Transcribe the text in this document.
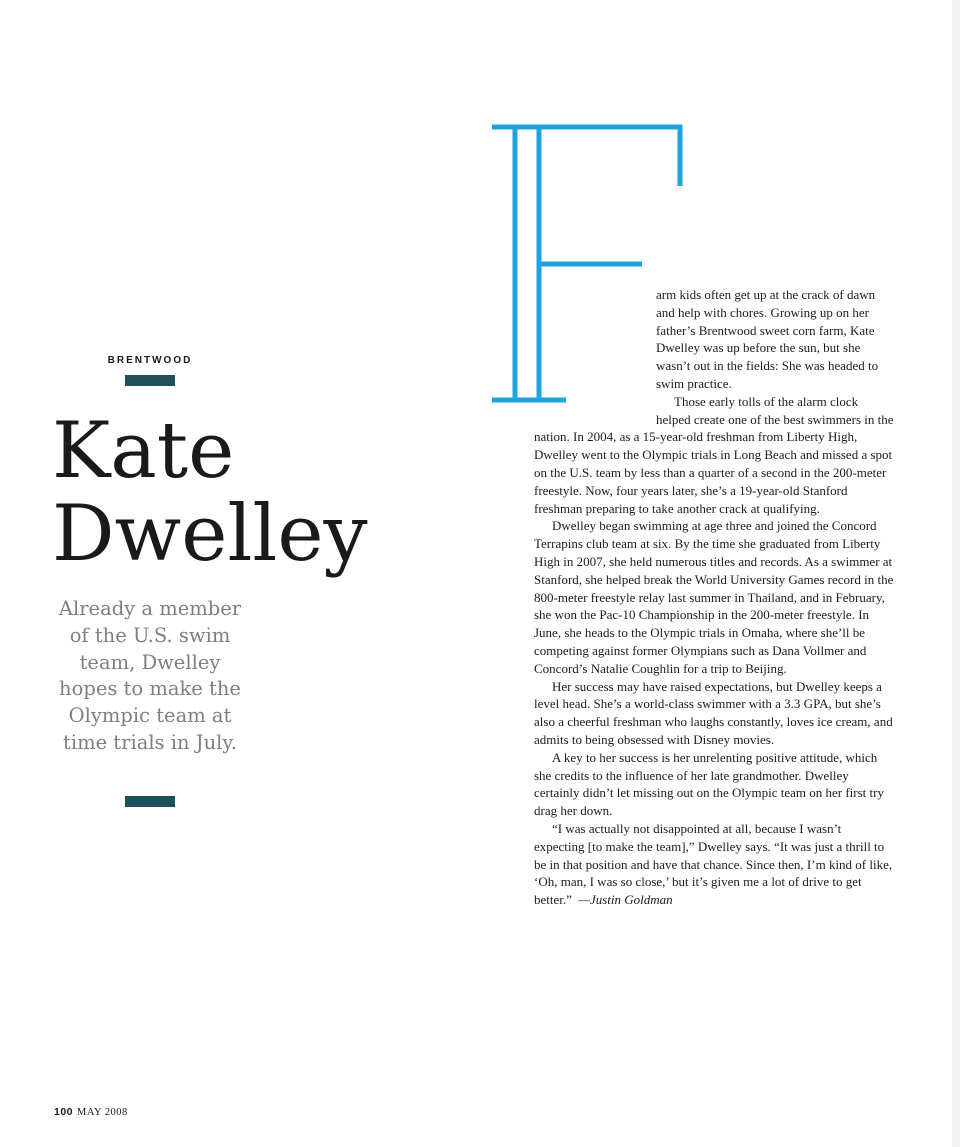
BRENTWOOD
Kate
Dwelley

Already a member of the U.S. swim team, Dwelley hopes to make the Olympic team at time trials in July.

arm kids often get up at the crack of dawn and help with chores. Growing up on her father’s Brentwood sweet corn farm, Kate Dwelley was up before the sun, but she wasn’t out in the fields: She was headed to swim practice.

Those early tolls of the alarm clock helped create one of the best swimmers in the nation. In 2004, as a 15-year-old freshman from Liberty High, Dwelley went to the Olympic trials in Long Beach and missed a spot on the U.S. team by less than a quarter of a second in the 200-meter freestyle. Now, four years later, she’s a 19-year-old Stanford freshman preparing to take another crack at qualifying.

Dwelley began swimming at age three and joined the Concord Terrapins club team at six. By the time she graduated from Liberty High in 2007, she held numerous titles and records. As a swimmer at Stanford, she helped break the World University Games record in the 800-meter freestyle relay last summer in Thailand, and in February, she won the Pac-10 Championship in the 200-meter freestyle. In June, she heads to the Olympic trials in Omaha, where she’ll be competing against former Olympians such as Dana Vollmer and Concord’s Natalie Coughlin for a trip to Beijing.

Her success may have raised expectations, but Dwelley keeps a level head. She’s a world-class swimmer with a 3.3 GPA, but she’s also a cheerful freshman who laughs constantly, loves ice cream, and admits to being obsessed with Disney movies.

A key to her success is her unrelenting positive attitude, which she credits to the influence of her late grandmother. Dwelley certainly didn’t let missing out on the Olympic team on her first try drag her down.

“I was actually not disappointed at all, because I wasn’t expecting [to make the team],” Dwelley says. “It was just a thrill to be in that position and have that chance. Since then, I’m kind of like, ‘Oh, man, I was so close,’ but it’s given me a lot of drive to get better.” —Justin Goldman

100 MAY 2008
